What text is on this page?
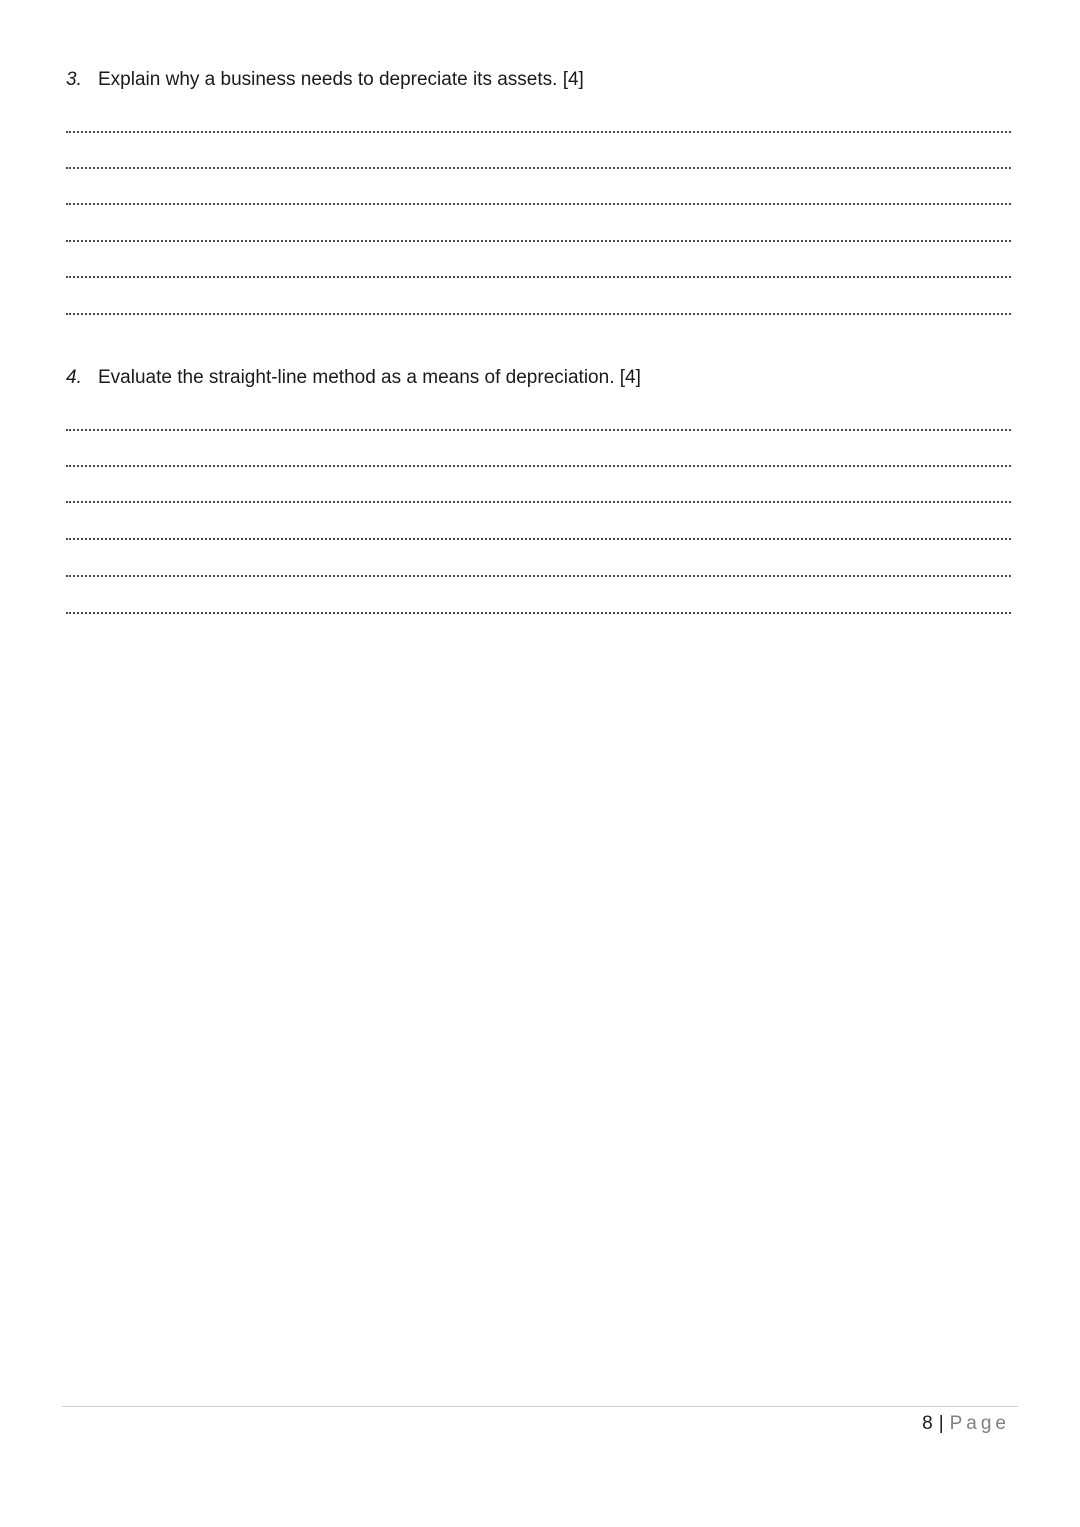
3. Explain why a business needs to depreciate its assets. [4]
4. Evaluate the straight-line method as a means of depreciation. [4]
8 | Page
